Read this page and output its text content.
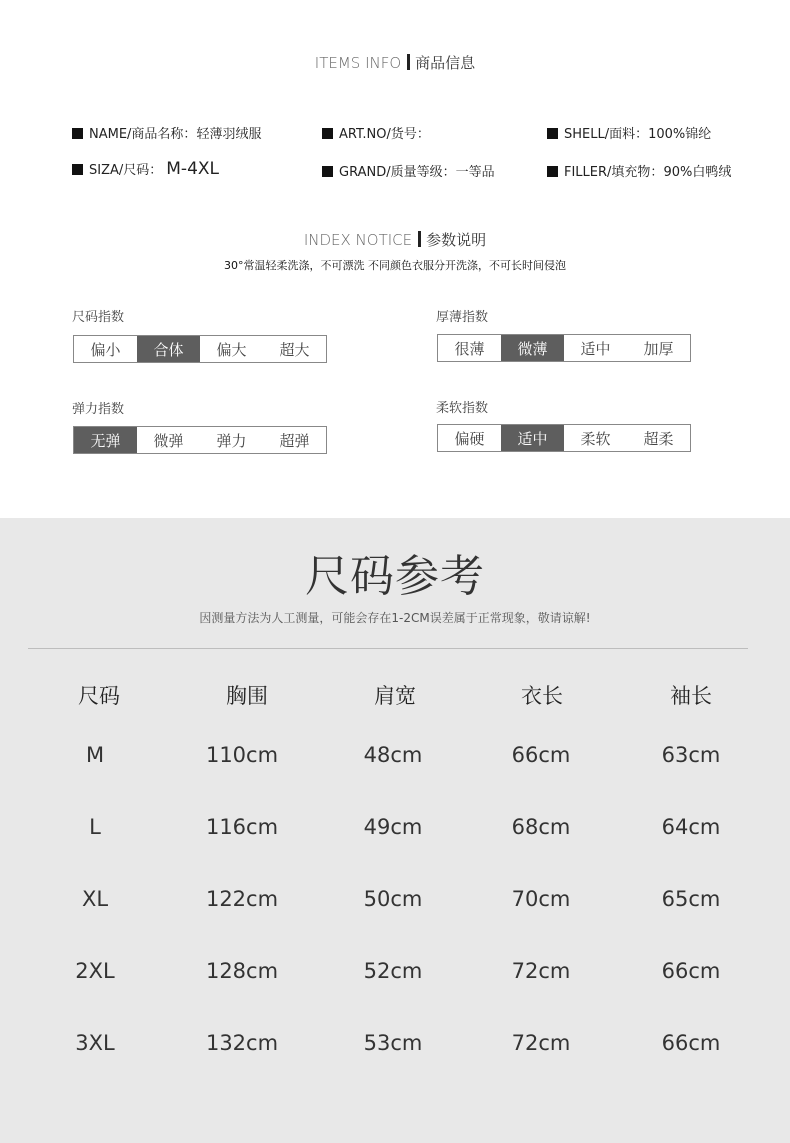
ITEMS INFO 商品信息
NAME/商品名称：轻薄羽绒服	ART.NO/货号：	SHELL/面料：100%锦纶
SIZA/尺码： M-4XL	GRAND/质量等级：一等品	FILLER/填充物：90%白鸭绒
INDEX NOTICE 参数说明
30°常温轻柔洗涤，不可漂洗 不同颜色衣服分开洗涤，不可长时间侵泡
尺码指数
偏小	合体	偏大	超大
厚薄指数
很薄	微薄	适中	加厚
弹力指数
无弹	微弹	弹力	超弹
柔软指数
偏硬	适中	柔软	超柔
尺码参考
因测量方法为人工测量，可能会存在1-2CM误差属于正常现象，敬请谅解!
尺码	胸围	肩宽	衣长	袖长
M	110cm	48cm	66cm	63cm
L	116cm	49cm	68cm	64cm
XL	122cm	50cm	70cm	65cm
2XL	128cm	52cm	72cm	66cm
3XL	132cm	53cm	72cm	66cm
